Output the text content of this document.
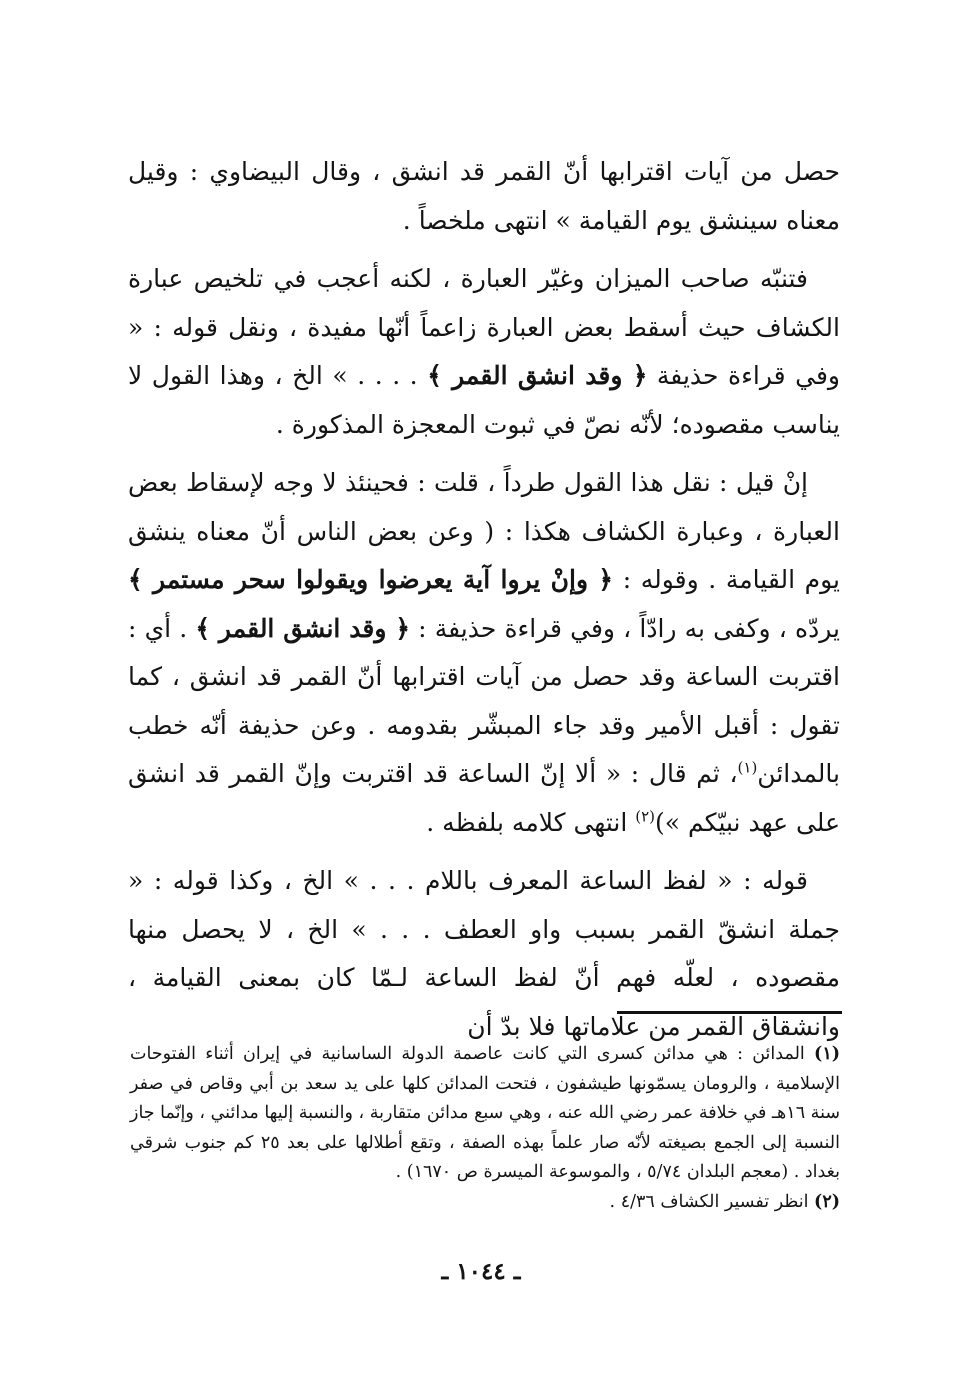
حصل من آيات اقترابها أنّ القمر قد انشق ، وقال البيضاوي : وقيل معناه سينشق يوم القيامة » انتهى ملخصاً .

فتنبّه صاحب الميزان وغيّر العبارة ، لكنه أعجب في تلخيص عبارة الكشاف حيث أسقط بعض العبارة زاعماً أنّها مفيدة ، ونقل قوله : « وفي قراءة حذيفة ﴿ وقد انشق القمر ﴾ . . . . » الخ ، وهذا القول لا يناسب مقصوده؛ لأنّه نصّ في ثبوت المعجزة المذكورة .

إنْ قيل : نقل هذا القول طرداً ، قلت : فحينئذ لا وجه لإسقاط بعض العبارة ، وعبارة الكشاف هكذا : ( وعن بعض الناس أنّ معناه ينشق يوم القيامة . وقوله : ﴿ وإنْ يروا آية يعرضوا ويقولوا سحر مستمر ﴾ يردّه ، وكفى به رادّاً ، وفي قراءة حذيفة : ﴿ وقد انشق القمر ﴾ . أي : اقتربت الساعة وقد حصل من آيات اقترابها أنّ القمر قد انشق ، كما تقول : أقبل الأمير وقد جاء المبشّر بقدومه . وعن حذيفة أنّه خطب بالمدائن$^{(١)}$، ثم قال : « ألا إنّ الساعة قد اقتربت وإنّ القمر قد انشق على عهد نبيّكم »)$^{(٢)}$ انتهى كلامه بلفظه .

قوله : « لفظ الساعة المعرف باللام . . . » الخ ، وكذا قوله : « جملة انشقّ القمر بسبب واو العطف . . . » الخ ، لا يحصل منها مقصوده ، لعلّه فهم أنّ لفظ الساعة لـمّا كان بمعنى القيامة ، وانشقاق القمر من علاماتها فلا بدّ أن

(١) المدائن : هي مدائن كسرى التي كانت عاصمة الدولة الساسانية في إيران أثناء الفتوحات الإسلامية ، والرومان يسمّونها طيشفون ، فتحت المدائن كلها على يد سعد بن أبي وقاص في صفر سنة ١٦هـ في خلافة عمر رضي الله عنه ، وهي سبع مدائن متقاربة ، والنسبة إليها مدائني ، وإنّما جاز النسبة إلى الجمع بصيغته لأنّه صار علماً بهذه الصفة ، وتقع أطلالها على بعد ٢٥ كم جنوب شرقي بغداد . (معجم البلدان ٥/٧٤ ، والموسوعة الميسرة ص ١٦٧٠) .

(٢) انظر تفسير الكشاف ٤/٣٦ .

ـ ١٠٤٤ ـ
